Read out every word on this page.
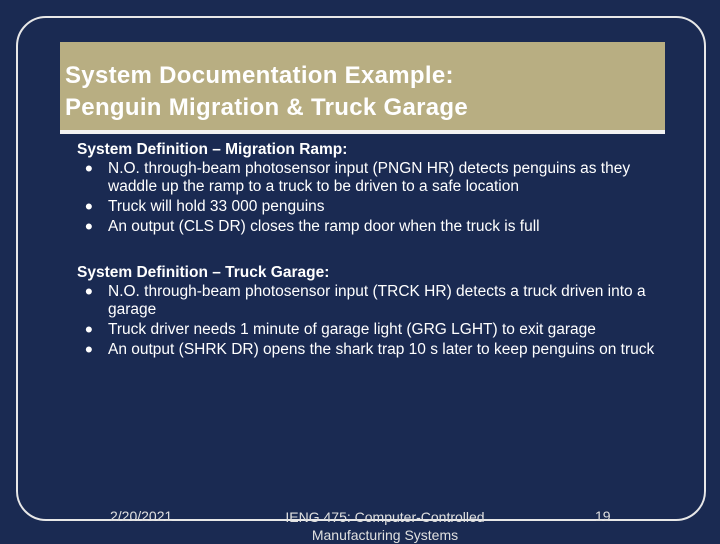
System Documentation Example:
Penguin Migration & Truck Garage
System Definition – Migration Ramp:
• N.O. through-beam photosensor input (PNGN HR) detects penguins as they waddle up the ramp to a truck to be driven to a safe location
• Truck will hold 33 000 penguins
• An output (CLS DR) closes the ramp door when the truck is full
System Definition – Truck Garage:
• N.O. through-beam photosensor input (TRCK HR) detects a truck driven into a garage
• Truck driver needs 1 minute of garage light (GRG LGHT) to exit garage
• An output (SHRK DR) opens the shark trap 10 s later to keep penguins on truck
2/20/2021	IENG 475: Computer-Controlled Manufacturing Systems
19
